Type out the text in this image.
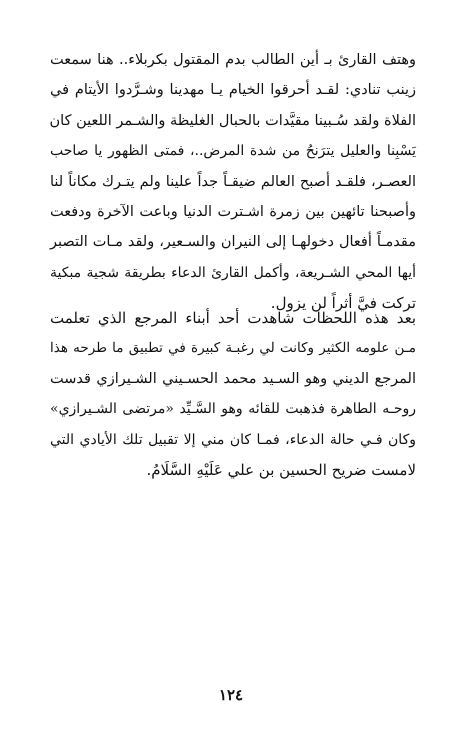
وهتف القارئ بـ أين الطالب بدم المقتول بكربلاء.. هنا سمعت
زينب تنادي: لقـد أحرقوا الخيام يـا مهدينا وشـرَّدوا الأيتام في
الفلاة ولقد سُـبينا مقيَّدات بالحبال الغليظة والشـمر اللعين كان
يَسْبِنا والعليل يترَنحُ من شدة المرض..، فمتى الظهور يا صاحب
العصـر، فلقـد أصبح العالم ضيقـاً جداً علينا ولم يتـرك مكاناً لنا
وأصبحنا تائهين بين زمرة اشـترت الدنيا وباعت الآخرة ودفعت
مقدمـاً أفعال دخولهـا إلى النيران والسـعير، ولقد مـات التصبر
أيها المحي الشـريعة، وأكمل القارئ الدعاء بطريقة شجية مبكية
تركت فيَّ أثراً لن يزول.
بعد هذه اللحظات شاهدت أحد أبناء المرجع الذي تعلمت
مـن علومه الكثير وكانت لي رغبـة كبيرة في تطبيق ما طرحه هذا
المرجع الديني وهو السـيد محمد الحسـيني الشـيرازي قدست
روحـه الطاهرة فذهبت للقائه وهو السَّـيِّد «مرتضى الشـيرازي»
وكان فـي حالة الدعاء، فمـا كان مني إلا تقبيل تلك الأيادي التي
لامست ضريح الحسين بن علي عَلَيْهِ السَّلَامُ.
١٢٤
